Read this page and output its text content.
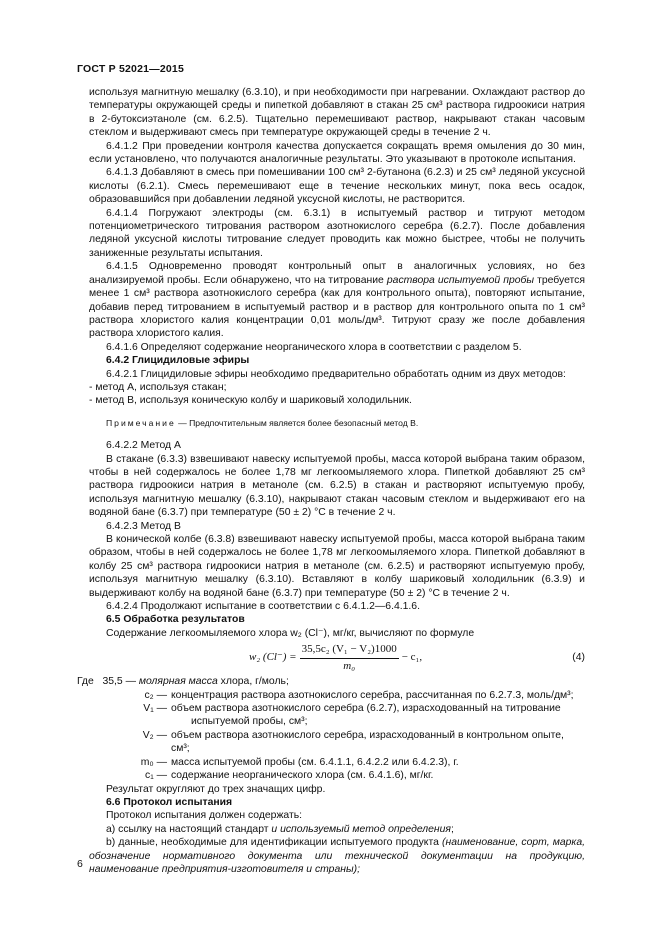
ГОСТ Р 52021—2015

используя магнитную мешалку (6.3.10), и при необходимости при нагревании. Охлаждают раствор до температуры окружающей среды и пипеткой добавляют в стакан 25 см³ раствора гидроокиси натрия в 2-бутоксиэтаноле (см. 6.2.5). Тщательно перемешивают раствор, накрывают стакан часовым стеклом и выдерживают смесь при температуре окружающей среды в течение 2 ч.

6.4.1.2 При проведении контроля качества допускается сокращать время омыления до 30 мин, если установлено, что получаются аналогичные результаты. Это указывают в протоколе испытания.

6.4.1.3 Добавляют в смесь при помешивании 100 см³ 2-бутанона (6.2.3) и 25 см³ ледяной уксусной кислоты (6.2.1). Смесь перемешивают еще в течение нескольких минут, пока весь осадок, образовавшийся при добавлении ледяной уксусной кислоты, не растворится.

6.4.1.4 Погружают электроды (см. 6.3.1) в испытуемый раствор и титруют методом потенциометрического титрования раствором азотнокислого серебра (6.2.7). После добавления ледяной уксусной кислоты титрование следует проводить как можно быстрее, чтобы не получить заниженные результаты испытания.

6.4.1.5 Одновременно проводят контрольный опыт в аналогичных условиях, но без анализируемой пробы. Если обнаружено, что на титрование раствора испытуемой пробы требуется менее 1 см³ раствора азотнокислого серебра (как для контрольного опыта), повторяют испытание, добавив перед титрованием в испытуемый раствор и в раствор для контрольного опыта по 1 см³ раствора хлористого калия концентрации 0,01 моль/дм³. Титруют сразу же после добавления раствора хлористого калия.

6.4.1.6 Определяют содержание неорганического хлора в соответствии с разделом 5.

6.4.2 Глицидиловые эфиры

6.4.2.1 Глицидиловые эфиры необходимо предварительно обработать одним из двух методов:

- метод А, используя стакан;

- метод В, используя коническую колбу и шариковый холодильник.

Примечание — Предпочтительным является более безопасный метод В.

6.4.2.2 Метод А

В стакане (6.3.3) взвешивают навеску испытуемой пробы, масса которой выбрана таким образом, чтобы в ней содержалось не более 1,78 мг легкоомыляемого хлора. Пипеткой добавляют 25 см³ раствора гидроокиси натрия в метаноле (см. 6.2.5) в стакан и растворяют испытуемую пробу, используя магнитную мешалку (6.3.10), накрывают стакан часовым стеклом и выдерживают его на водяной бане (6.3.7) при температуре (50 ± 2) °С в течение 2 ч.

6.4.2.3 Метод В

В конической колбе (6.3.8) взвешивают навеску испытуемой пробы, масса которой выбрана таким образом, чтобы в ней содержалось не более 1,78 мг легкоомыляемого хлора. Пипеткой добавляют в колбу 25 см³ раствора гидроокиси натрия в метаноле (см. 6.2.5) и растворяют испытуемую пробу, используя магнитную мешалку (6.3.10). Вставляют в колбу шариковый холодильник (6.3.9) и выдерживают колбу на водяной бане (6.3.7) при температуре (50 ± 2) °С в течение 2 ч.

6.4.2.4 Продолжают испытание в соответствии с 6.4.1.2—6.4.1.6.

6.5 Обработка результатов

Содержание легкоомыляемого хлора w₂ (Cl⁻), мг/кг, вычисляют по формуле

w₂ $(Cl^-) = \frac{\text{35,5c₂ (V₁ − V₂)1000}}{\text{m₀}} - c_1$,	(4)

Где 35,5 — молярная масса хлора, г/моль;

c₂ — концентрация раствора азотнокислого серебра, рассчитанная по 6.2.7.3, моль/дм³;
V₁ — объем раствора азотнокислого серебра (6.2.7), израсходованный на титрование
испытуемой пробы, см³;
V₂ — объем раствора азотнокислого серебра, израсходованный в контрольном опыте, см³;
m₀ — масса испытуемой пробы (см. 6.4.1.1, 6.4.2.2 или 6.4.2.3), г.
c₁ — содержание неорганического хлора (см. 6.4.1.6), мг/кг.

Результат округляют до трех значащих цифр.

6.6 Протокол испытания

Протокол испытания должен содержать:

а) ссылку на настоящий стандарт и используемый метод определения;

b) данные, необходимые для идентификации испытуемого продукта (наименование, сорт, марка, обозначение нормативного документа или технической документации на продукцию, наименование предприятия-изготовителя и страны);

6
